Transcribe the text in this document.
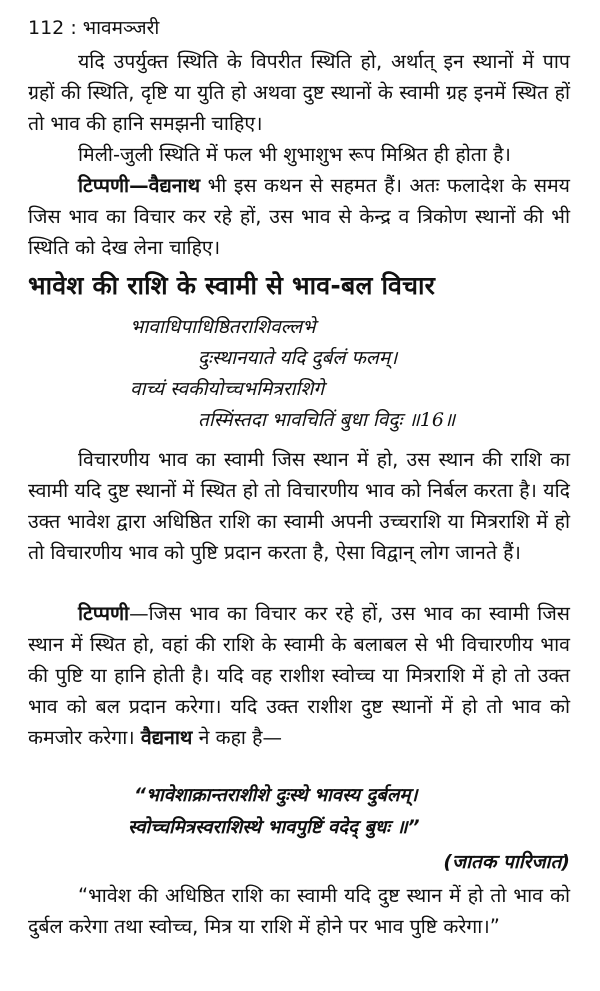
112 : भावमञ्जरी
यदि उपर्युक्त स्थिति के विपरीत स्थिति हो, अर्थात् इन स्थानों में पाप ग्रहों की स्थिति, दृष्टि या युति हो अथवा दुष्ट स्थानों के स्वामी ग्रह इनमें स्थित हों तो भाव की हानि समझनी चाहिए।
मिली-जुली स्थिति में फल भी शुभाशुभ रूप मिश्रित ही होता है।
टिप्पणी—वैद्यनाथ भी इस कथन से सहमत हैं। अतः फलादेश के समय जिस भाव का विचार कर रहे हों, उस भाव से केन्द्र व त्रिकोण स्थानों की भी स्थिति को देख लेना चाहिए।
भावेश की राशि के स्वामी से भाव-बल विचार
भावाधिपाधिष्ठितराशिवल्लभे
दुःस्थानयाते यदि दुर्बलं फलम्।
वाच्यं स्वकीयोच्चभमित्रराशिगे
तस्मिंस्तदा भावचितिं बुधा विदुः ॥16॥
विचारणीय भाव का स्वामी जिस स्थान में हो, उस स्थान की राशि का स्वामी यदि दुष्ट स्थानों में स्थित हो तो विचारणीय भाव को निर्बल करता है। यदि उक्त भावेश द्वारा अधिष्ठित राशि का स्वामी अपनी उच्चराशि या मित्रराशि में हो तो विचारणीय भाव को पुष्टि प्रदान करता है, ऐसा विद्वान् लोग जानते हैं।
टिप्पणी—जिस भाव का विचार कर रहे हों, उस भाव का स्वामी जिस स्थान में स्थित हो, वहां की राशि के स्वामी के बलाबल से भी विचारणीय भाव की पुष्टि या हानि होती है। यदि वह राशीश स्वोच्च या मित्रराशि में हो तो उक्त भाव को बल प्रदान करेगा। यदि उक्त राशीश दुष्ट स्थानों में हो तो भाव को कमजोर करेगा। वैद्यनाथ ने कहा है—
“भावेशाक्रान्तराशीशे दुःस्थे भावस्य दुर्बलम्।
स्वोच्चमित्रस्वराशिस्थे भावपुष्टिं वदेद् बुधः ॥”
(जातक पारिजात)
“भावेश की अधिष्ठित राशि का स्वामी यदि दुष्ट स्थान में हो तो भाव को दुर्बल करेगा तथा स्वोच्च, मित्र या राशि में होने पर भाव पुष्टि करेगा।”
